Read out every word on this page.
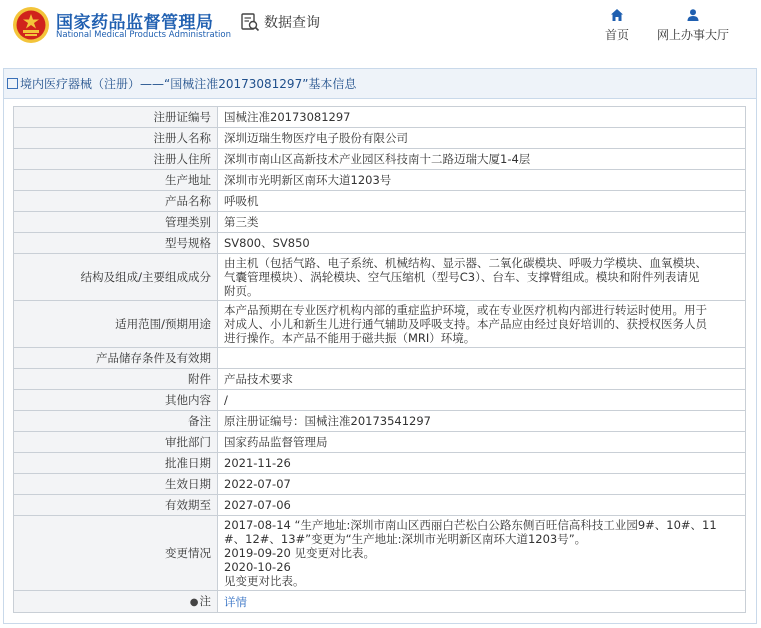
国家药品监督管理局
National Medical Products Administration
数据查询
首页 网上办事大厅
境内医疗器械（注册）——“国械注准20173081297”基本信息
注册证编号	国械注准20173081297
注册人名称	深圳迈瑞生物医疗电子股份有限公司
注册人住所	深圳市南山区高新技术产业园区科技南十二路迈瑞大厦1-4层
生产地址	深圳市光明新区南环大道1203号
产品名称	呼吸机
管理类别	第三类
型号规格	SV800、SV850
结构及组成/主要组成成分	由主机（包括气路、电子系统、机械结构、显示器、二氧化碳模块、呼吸力学模块、血氧模块、
气囊管理模块）、涡轮模块、空气压缩机（型号C3）、台车、支撑臂组成。模块和附件列表请见
附页。

适用范围/预期用途	本产品预期在专业医疗机构内部的重症监护环境，或在专业医疗机构内部进行转运时使用。用于
对成人、小儿和新生儿进行通气辅助及呼吸支持。本产品应由经过良好培训的、获授权医务人员
进行操作。本产品不能用于磁共振（MRI）环境。

产品储存条件及有效期	
附件	产品技术要求
其他内容	/
备注	原注册证编号：国械注准20173541297
审批部门	国家药品监督管理局
批准日期	2021-11-26
生效日期	2022-07-07
有效期至	2027-07-06
变更情况	2017-08-14 “生产地址:深圳市南山区西丽白芒松白公路东侧百旺信高科技工业园9#、10#、11
#、12#、13#”变更为“生产地址:深圳市光明新区南环大道1203号”。
2019-09-20 见变更对比表。
2020-10-26
见变更对比表。

●注	详情
